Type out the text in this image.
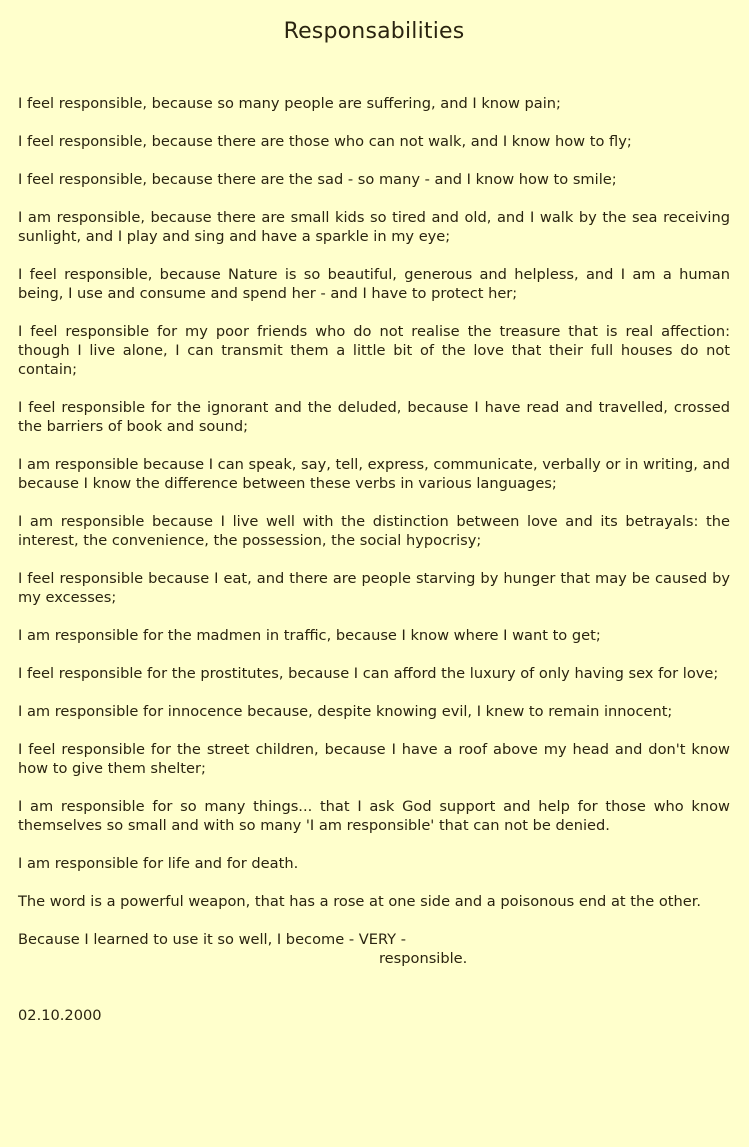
Responsabilities

I feel responsible, because so many people are suffering, and I know pain;

I feel responsible, because there are those who can not walk, and I know how to fly;

I feel responsible, because there are the sad - so many - and I know how to smile;

I am responsible, because there are small kids so tired and old, and I walk by the sea receiving sunlight, and I play and sing and have a sparkle in my eye;

I feel responsible, because Nature is so beautiful, generous and helpless, and I am a human being, I use and consume and spend her - and I have to protect her;

I feel responsible for my poor friends who do not realise the treasure that is real affection: though I live alone, I can transmit them a little bit of the love that their full houses do not contain;

I feel responsible for the ignorant and the deluded, because I have read and travelled, crossed the barriers of book and sound;

I am responsible because I can speak, say, tell, express, communicate, verbally or in writing, and because I know the difference between these verbs in various languages;

I am responsible because I live well with the distinction between love and its betrayals: the interest, the convenience, the possession, the social hypocrisy;

I feel responsible because I eat, and there are people starving by hunger that may be caused by my excesses;

I am responsible for the madmen in traffic, because I know where I want to get;

I feel responsible for the prostitutes, because I can afford the luxury of only having sex for love;

I am responsible for innocence because, despite knowing evil, I knew to remain innocent;

I feel responsible for the street children, because I have a roof above my head and don't know how to give them shelter;

I am responsible for so many things... that I ask God support and help for those who know themselves so small and with so many 'I am responsible' that can not be denied.

I am responsible for life and for death.

The word is a powerful weapon, that has a rose at one side and a poisonous end at the other.

Because I learned to use it so well, I become - VERY -
responsible.

02.10.2000
